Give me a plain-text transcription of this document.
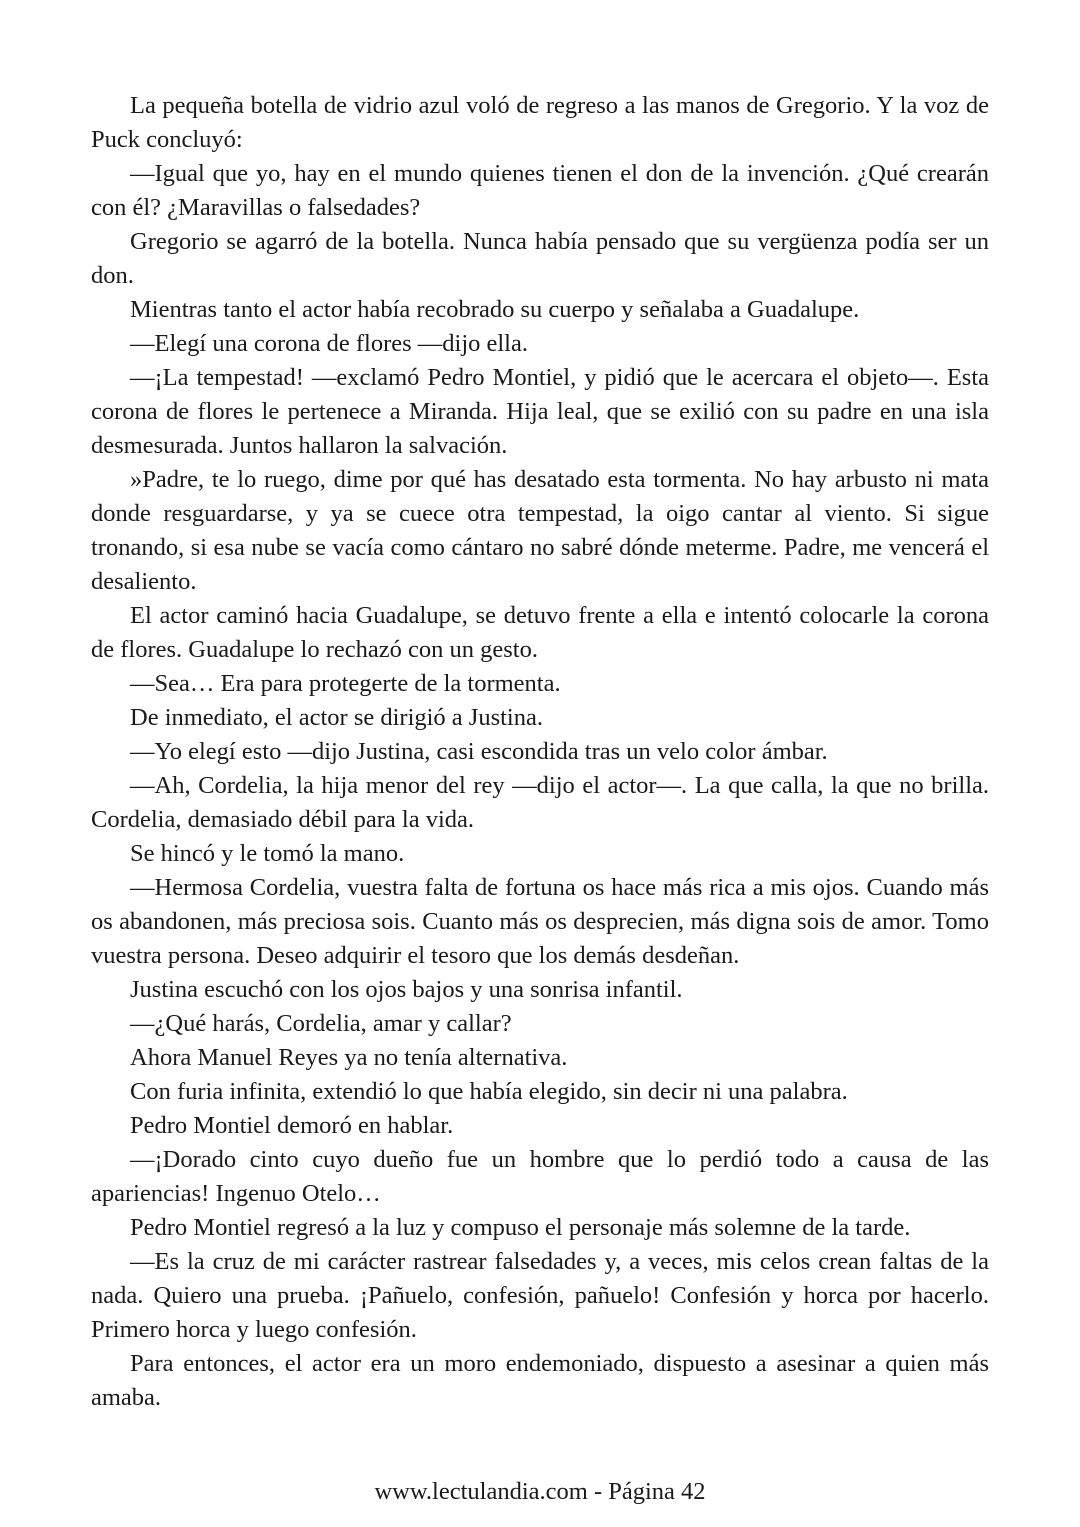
La pequeña botella de vidrio azul voló de regreso a las manos de Gregorio. Y la voz de Puck concluyó:

—Igual que yo, hay en el mundo quienes tienen el don de la invención. ¿Qué crearán con él? ¿Maravillas o falsedades?

Gregorio se agarró de la botella. Nunca había pensado que su vergüenza podía ser un don.

Mientras tanto el actor había recobrado su cuerpo y señalaba a Guadalupe.

—Elegí una corona de flores —dijo ella.

—¡La tempestad! —exclamó Pedro Montiel, y pidió que le acercara el objeto—. Esta corona de flores le pertenece a Miranda. Hija leal, que se exilió con su padre en una isla desmesurada. Juntos hallaron la salvación.

»Padre, te lo ruego, dime por qué has desatado esta tormenta. No hay arbusto ni mata donde resguardarse, y ya se cuece otra tempestad, la oigo cantar al viento. Si sigue tronando, si esa nube se vacía como cántaro no sabré dónde meterme. Padre, me vencerá el desaliento.

El actor caminó hacia Guadalupe, se detuvo frente a ella e intentó colocarle la corona de flores. Guadalupe lo rechazó con un gesto.

—Sea… Era para protegerte de la tormenta.

De inmediato, el actor se dirigió a Justina.

—Yo elegí esto —dijo Justina, casi escondida tras un velo color ámbar.

—Ah, Cordelia, la hija menor del rey —dijo el actor—. La que calla, la que no brilla. Cordelia, demasiado débil para la vida.

Se hincó y le tomó la mano.

—Hermosa Cordelia, vuestra falta de fortuna os hace más rica a mis ojos. Cuando más os abandonen, más preciosa sois. Cuanto más os desprecien, más digna sois de amor. Tomo vuestra persona. Deseo adquirir el tesoro que los demás desdeñan.

Justina escuchó con los ojos bajos y una sonrisa infantil.

—¿Qué harás, Cordelia, amar y callar?

Ahora Manuel Reyes ya no tenía alternativa.

Con furia infinita, extendió lo que había elegido, sin decir ni una palabra.

Pedro Montiel demoró en hablar.

—¡Dorado cinto cuyo dueño fue un hombre que lo perdió todo a causa de las apariencias! Ingenuo Otelo…

Pedro Montiel regresó a la luz y compuso el personaje más solemne de la tarde.

—Es la cruz de mi carácter rastrear falsedades y, a veces, mis celos crean faltas de la nada. Quiero una prueba. ¡Pañuelo, confesión, pañuelo! Confesión y horca por hacerlo. Primero horca y luego confesión.

Para entonces, el actor era un moro endemoniado, dispuesto a asesinar a quien más amaba.

www.lectulandia.com - Página 42
